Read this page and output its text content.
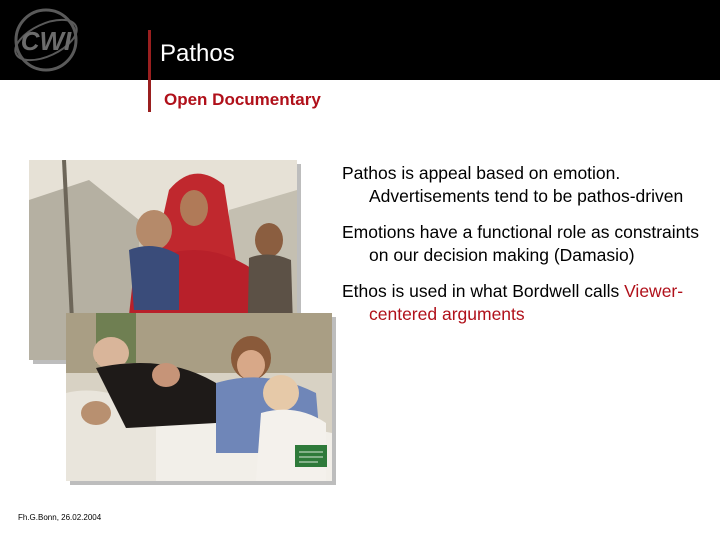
CWI	Pathos
Open Documentary
Pathos is appeal based on emotion. Advertisements tend to be pathos-driven
Emotions have a functional role as constraints on our decision making (Damasio)
Ethos is used in what Bordwell calls Viewer-centered arguments
Fh.G.Bonn, 26.02.2004
